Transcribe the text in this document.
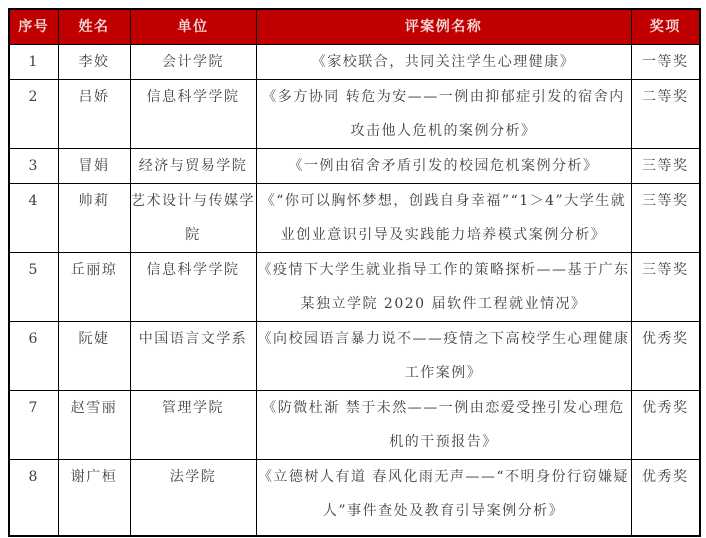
序号	姓名	单位	评案例名称	奖项
1	李姣	会计学院	《家校联合，共同关注学生心理健康》	一等奖
2	吕娇	信息科学学院	《多方协同 转危为安——一例由抑郁症引发的宿舍内攻击他人危机的案例分析》	二等奖
3	冒娟	经济与贸易学院	《一例由宿舍矛盾引发的校园危机案例分析》	三等奖
4	帅莉	艺术设计与传媒学院	《“你可以胸怀梦想，创践自身幸福”“1＞4”大学生就业创业意识引导及实践能力培养模式案例分析》	三等奖
5	丘丽琼	信息科学学院	《疫情下大学生就业指导工作的策略探析——基于广东某独立学院 2020 届软件工程就业情况》	三等奖
6	阮婕	中国语言文学系	《向校园语言暴力说不——疫情之下高校学生心理健康工作案例》	优秀奖
7	赵雪丽	管理学院	《防微杜渐 禁于未然——一例由恋爱受挫引发心理危机的干预报告》	优秀奖
8	谢广桓	法学院	《立德树人有道 春风化雨无声——“不明身份行窃嫌疑人”事件查处及教育引导案例分析》	优秀奖
